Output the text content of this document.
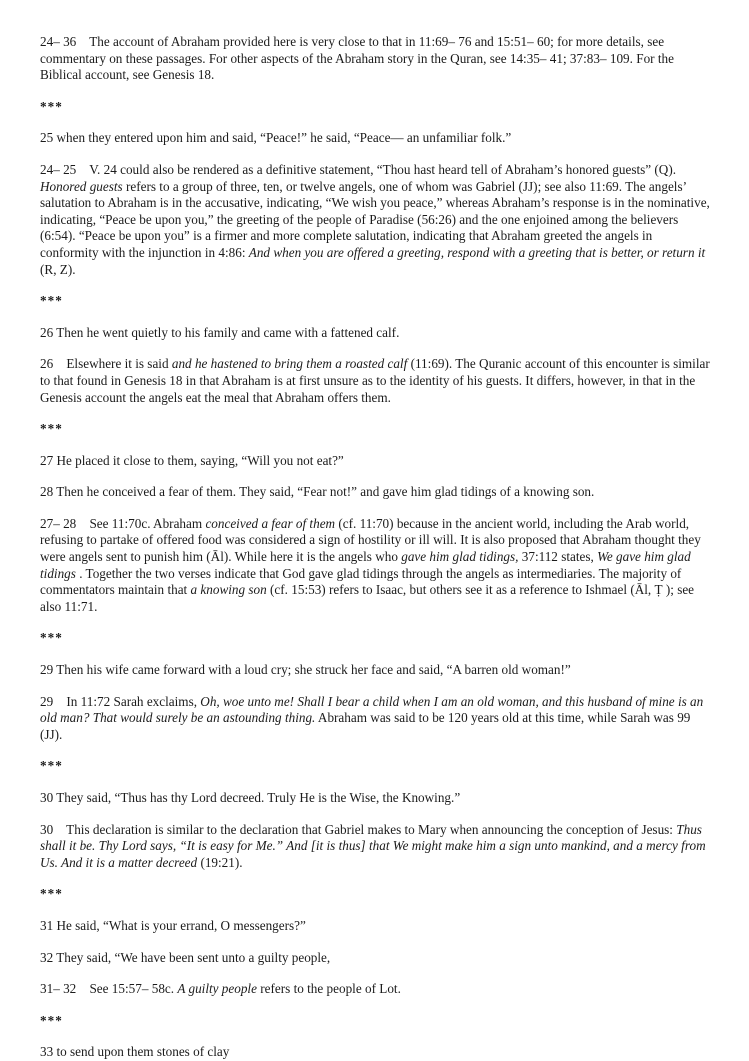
24– 36    The account of Abraham provided here is very close to that in 11:69– 76 and 15:51– 60; for more details, see commentary on these passages. For other aspects of the Abraham story in the Quran, see 14:35– 41; 37:83– 109. For the Biblical account, see Genesis 18.
***
25 when they entered upon him and said, “Peace!” he said, “Peace— an unfamiliar folk.”
24– 25    V. 24 could also be rendered as a definitive statement, “Thou hast heard tell of Abraham’s honored guests” (Q). Honored guests refers to a group of three, ten, or twelve angels, one of whom was Gabriel (JJ); see also 11:69. The angels’ salutation to Abraham is in the accusative, indicating, “We wish you peace,” whereas Abraham’s response is in the nominative, indicating, “Peace be upon you,” the greeting of the people of Paradise (56:26) and the one enjoined among the believers (6:54). “Peace be upon you” is a firmer and more complete salutation, indicating that Abraham greeted the angels in conformity with the injunction in 4:86: And when you are offered a greeting, respond with a greeting that is better, or return it (R, Z).
***
26 Then he went quietly to his family and came with a fattened calf.
26    Elsewhere it is said and he hastened to bring them a roasted calf (11:69). The Quranic account of this encounter is similar to that found in Genesis 18 in that Abraham is at first unsure as to the identity of his guests. It differs, however, in that in the Genesis account the angels eat the meal that Abraham offers them.
***
27 He placed it close to them, saying, “Will you not eat?”
28 Then he conceived a fear of them. They said, “Fear not!” and gave him glad tidings of a knowing son.
27– 28    See 11:70c. Abraham conceived a fear of them (cf. 11:70) because in the ancient world, including the Arab world, refusing to partake of offered food was considered a sign of hostility or ill will. It is also proposed that Abraham thought they were angels sent to punish him (Āl). While here it is the angels who gave him glad tidings, 37:112 states, We gave him glad tidings . Together the two verses indicate that God gave glad tidings through the angels as intermediaries. The majority of commentators maintain that a knowing son (cf. 15:53) refers to Isaac, but others see it as a reference to Ishmael (Āl, Ṭ ); see also 11:71.
***
29 Then his wife came forward with a loud cry; she struck her face and said, “A barren old woman!”
29    In 11:72 Sarah exclaims, Oh, woe unto me! Shall I bear a child when I am an old woman, and this husband of mine is an old man? That would surely be an astounding thing. Abraham was said to be 120 years old at this time, while Sarah was 99 (JJ).
***
30 They said, “Thus has thy Lord decreed. Truly He is the Wise, the Knowing.”
30    This declaration is similar to the declaration that Gabriel makes to Mary when announcing the conception of Jesus: Thus shall it be. Thy Lord says, “It is easy for Me.” And [it is thus] that We might make him a sign unto mankind, and a mercy from Us. And it is a matter decreed (19:21).
***
31 He said, “What is your errand, O messengers?”
32 They said, “We have been sent unto a guilty people,
31– 32    See 15:57– 58c. A guilty people refers to the people of Lot.
***
33 to send upon them stones of clay
